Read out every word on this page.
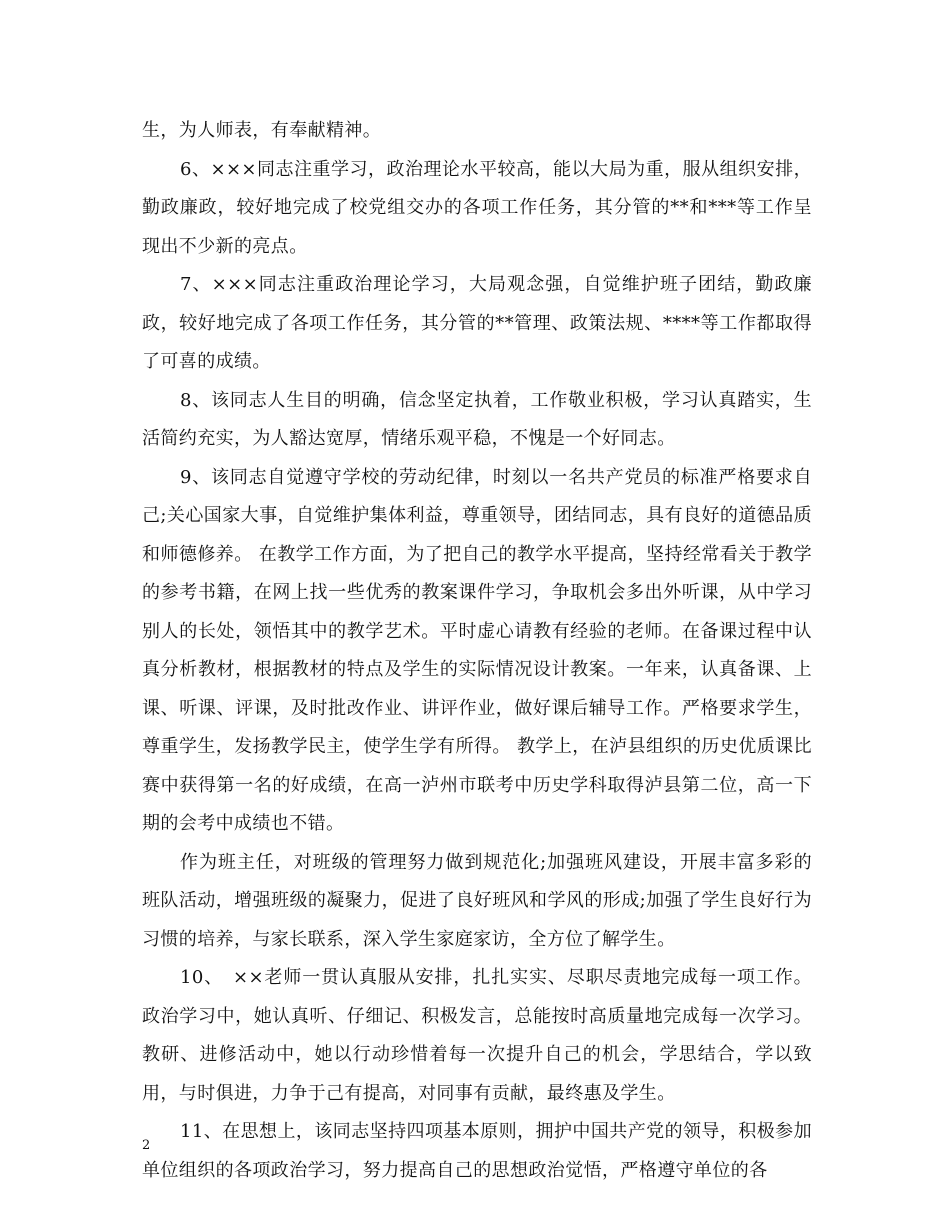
生，为人师表，有奉献精神。

6、×××同志注重学习，政治理论水平较高，能以大局为重，服从组织安排，勤政廉政，较好地完成了校党组交办的各项工作任务，其分管的**和***等工作呈现出不少新的亮点。

7、×××同志注重政治理论学习，大局观念强，自觉维护班子团结，勤政廉政，较好地完成了各项工作任务，其分管的**管理、政策法规、****等工作都取得了可喜的成绩。

8、该同志人生目的明确，信念坚定执着，工作敬业积极，学习认真踏实，生活简约充实，为人豁达宽厚，情绪乐观平稳，不愧是一个好同志。

9、该同志自觉遵守学校的劳动纪律，时刻以一名共产党员的标准严格要求自己;关心国家大事，自觉维护集体利益，尊重领导，团结同志，具有良好的道德品质和师德修养。 在教学工作方面，为了把自己的教学水平提高，坚持经常看关于教学的参考书籍，在网上找一些优秀的教案课件学习，争取机会多出外听课，从中学习别人的长处，领悟其中的教学艺术。平时虚心请教有经验的老师。在备课过程中认真分析教材，根据教材的特点及学生的实际情况设计教案。一年来，认真备课、上课、听课、评课，及时批改作业、讲评作业，做好课后辅导工作。严格要求学生，尊重学生，发扬教学民主，使学生学有所得。 教学上，在泸县组织的历史优质课比赛中获得第一名的好成绩，在高一泸州市联考中历史学科取得泸县第二位，高一下期的会考中成绩也不错。

作为班主任，对班级的管理努力做到规范化;加强班风建设，开展丰富多彩的班队活动，增强班级的凝聚力，促进了良好班风和学风的形成;加强了学生良好行为习惯的培养，与家长联系，深入学生家庭家访，全方位了解学生。

10、　××老师一贯认真服从安排，扎扎实实、尽职尽责地完成每一项工作。政治学习中，她认真听、仔细记、积极发言，总能按时高质量地完成每一次学习。教研、进修活动中，她以行动珍惜着每一次提升自己的机会，学思结合，学以致用，与时俱进，力争于己有提高，对同事有贡献，最终惠及学生。

11、在思想上，该同志坚持四项基本原则，拥护中国共产党的领导，积极参加单位组织的各项政治学习，努力提高自己的思想政治觉悟，严格遵守单位的各

2
